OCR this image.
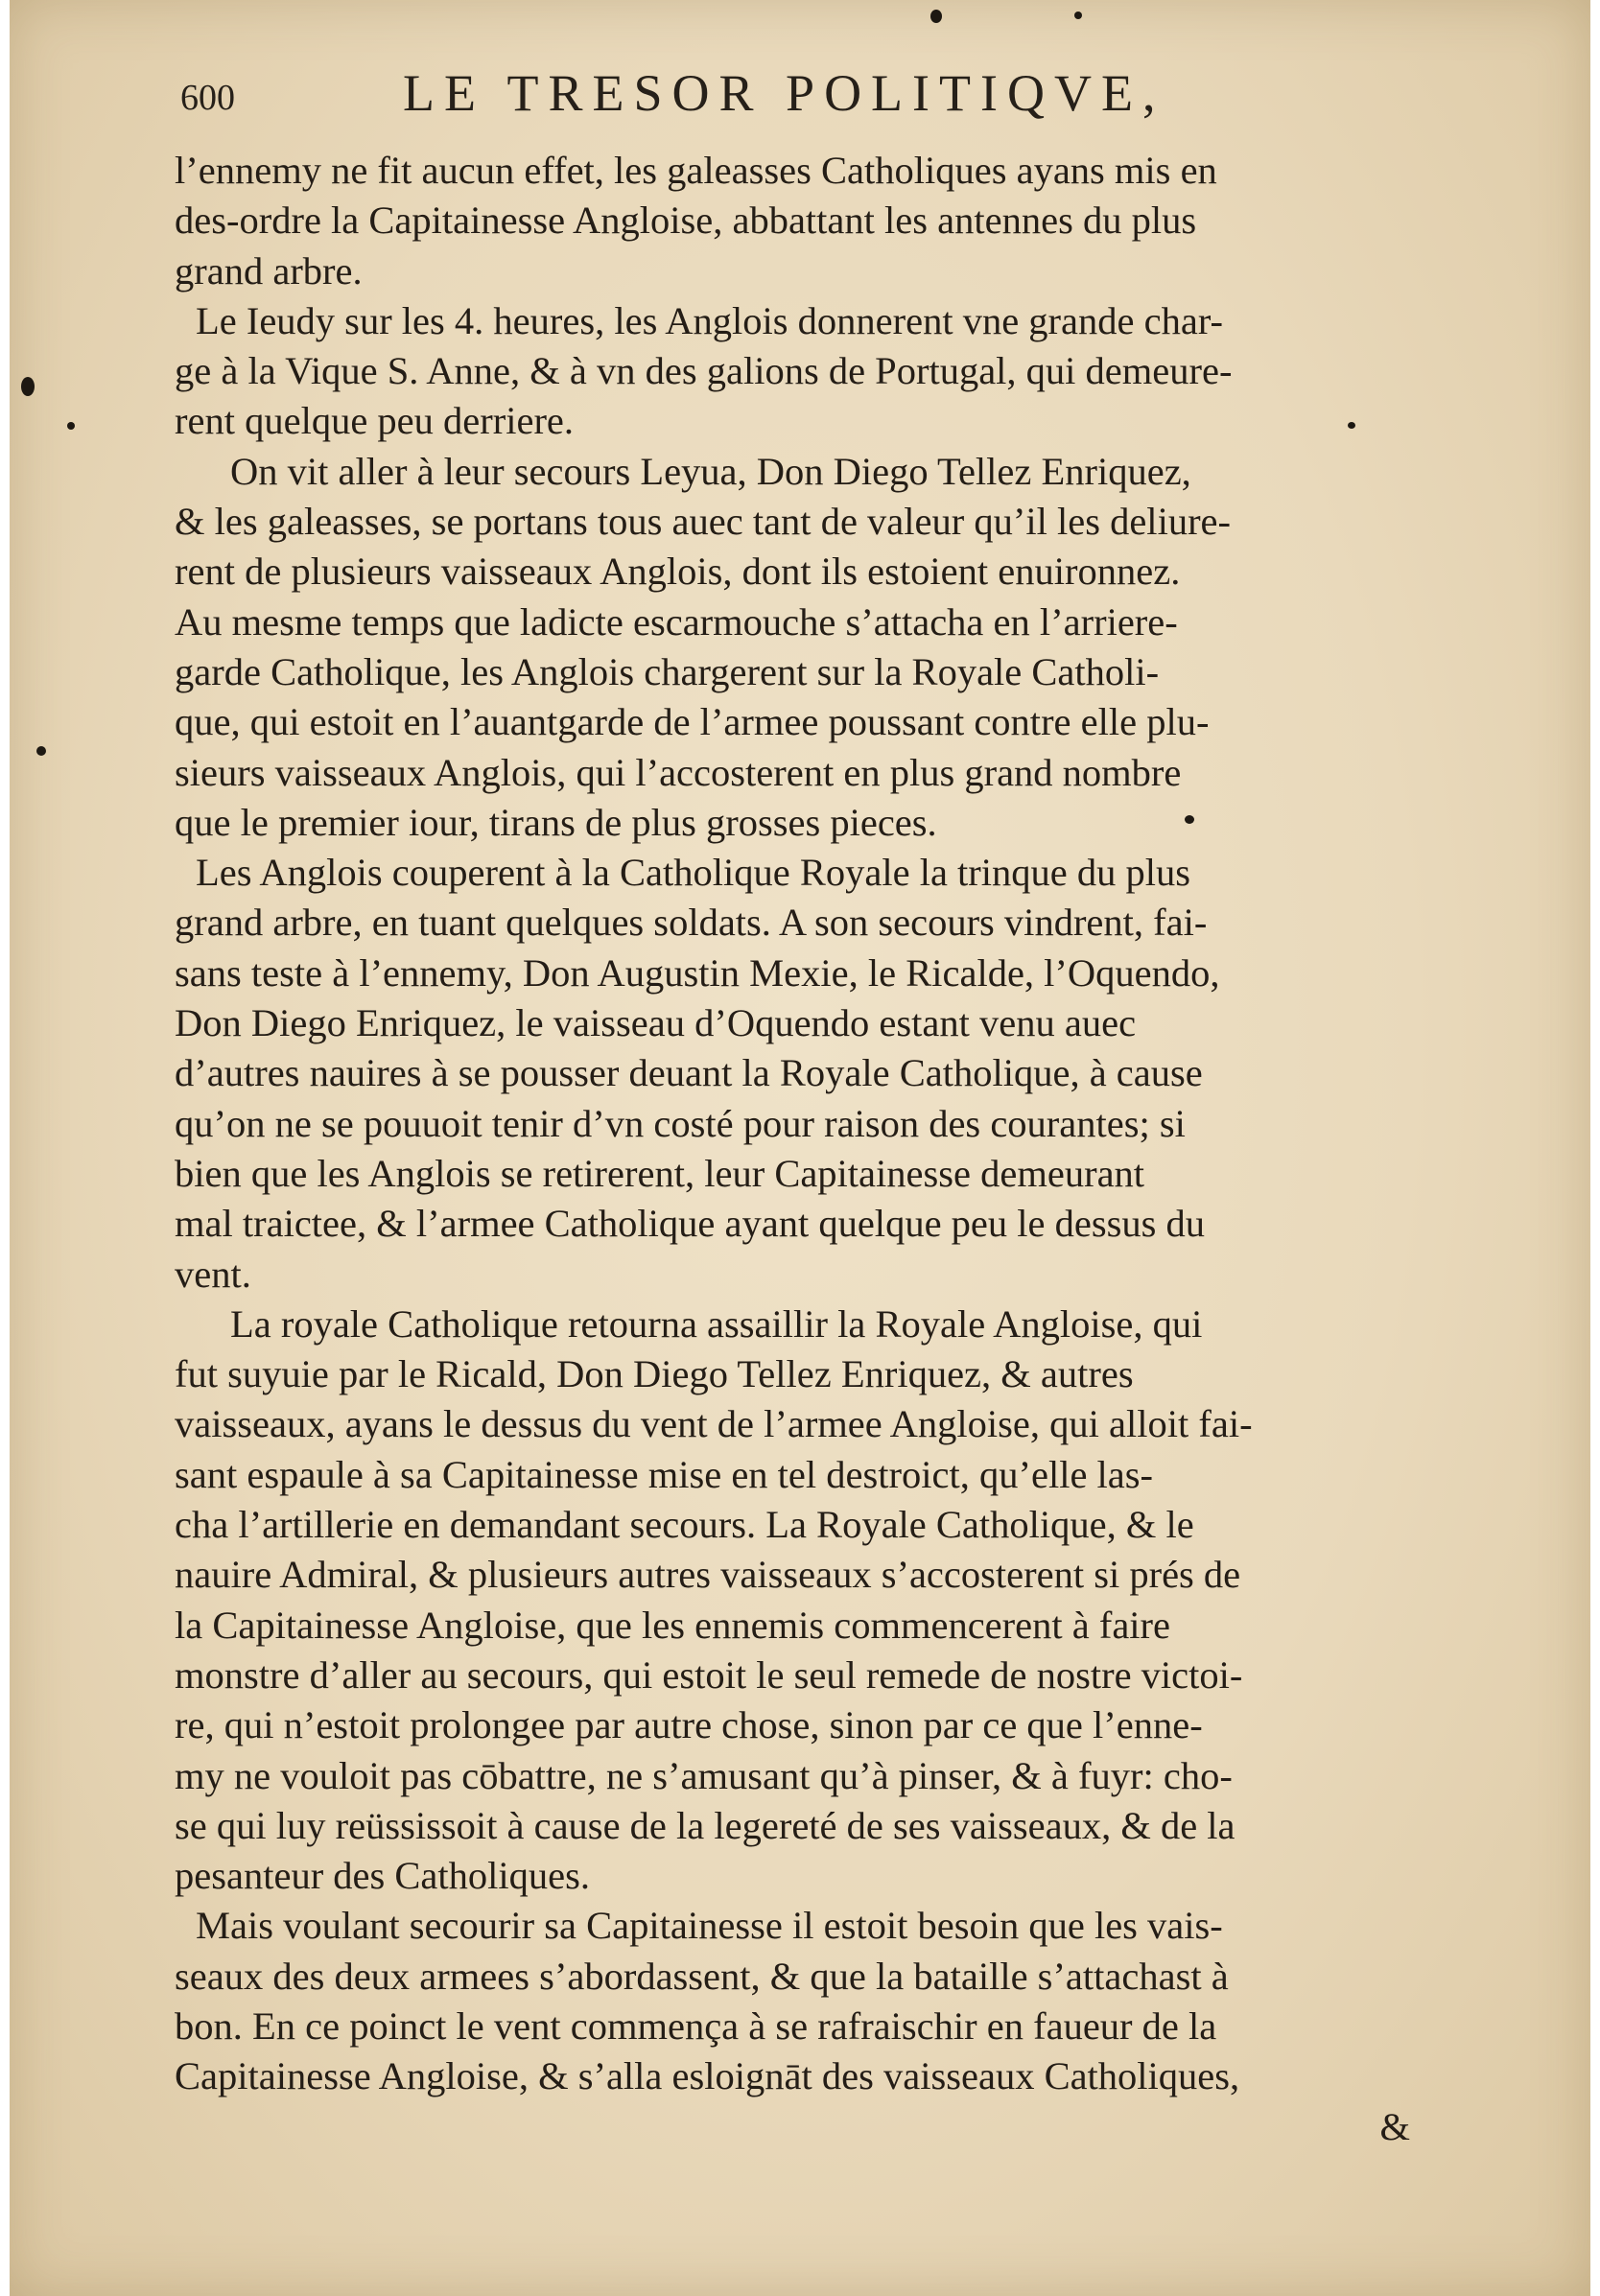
600	LE TRESOR POLITIQVE,
l’ennemy ne fit aucun effet, les galeasses Catholiques ayans mis en
des-ordre la Capitainesse Angloise, abbattant les antennes du plus
grand arbre.
Le Ieudy sur les 4. heures, les Anglois donnerent vne grande char-
ge à la Vique S. Anne, & à vn des galions de Portugal, qui demeure-
rent quelque peu derriere.
On vit aller à leur secours Leyua, Don Diego Tellez Enriquez,
& les galeasses, se portans tous auec tant de valeur qu’il les deliure-
rent de plusieurs vaisseaux Anglois, dont ils estoient enuironnez.
Au mesme temps que ladicte escarmouche s’attacha en l’arriere-
garde Catholique, les Anglois chargerent sur la Royale Catholi-
que, qui estoit en l’auantgarde de l’armee poussant contre elle plu-
sieurs vaisseaux Anglois, qui l’accosterent en plus grand nombre
que le premier iour, tirans de plus grosses pieces.
Les Anglois couperent à la Catholique Royale la trinque du plus
grand arbre, en tuant quelques soldats. A son secours vindrent, fai-
sans teste à l’ennemy, Don Augustin Mexie, le Ricalde, l’Oquendo,
Don Diego Enriquez, le vaisseau d’Oquendo estant venu auec
d’autres nauires à se pousser deuant la Royale Catholique, à cause
qu’on ne se pouuoit tenir d’vn costé pour raison des courantes; si
bien que les Anglois se retirerent, leur Capitainesse demeurant
mal traictee, & l’armee Catholique ayant quelque peu le dessus du
vent.
La royale Catholique retourna assaillir la Royale Angloise, qui
fut suyuie par le Ricald, Don Diego Tellez Enriquez, & autres
vaisseaux, ayans le dessus du vent de l’armee Angloise, qui alloit fai-
sant espaule à sa Capitainesse mise en tel destroict, qu’elle las-
cha l’artillerie en demandant secours. La Royale Catholique, & le
nauire Admiral, & plusieurs autres vaisseaux s’accosterent si prés de
la Capitainesse Angloise, que les ennemis commencerent à faire
monstre d’aller au secours, qui estoit le seul remede de nostre victoi-
re, qui n’estoit prolongee par autre chose, sinon par ce que l’enne-
my ne vouloit pas cōbattre, ne s’amusant qu’à pinser, & à fuyr: cho-
se qui luy reüssissoit à cause de la legereté de ses vaisseaux, & de la
pesanteur des Catholiques.
Mais voulant secourir sa Capitainesse il estoit besoin que les vais-
seaux des deux armees s’abordassent, & que la bataille s’attachast à
bon. En ce poinct le vent commença à se rafraischir en faueur de la
Capitainesse Angloise, & s’alla esloignāt des vaisseaux Catholiques,
&
